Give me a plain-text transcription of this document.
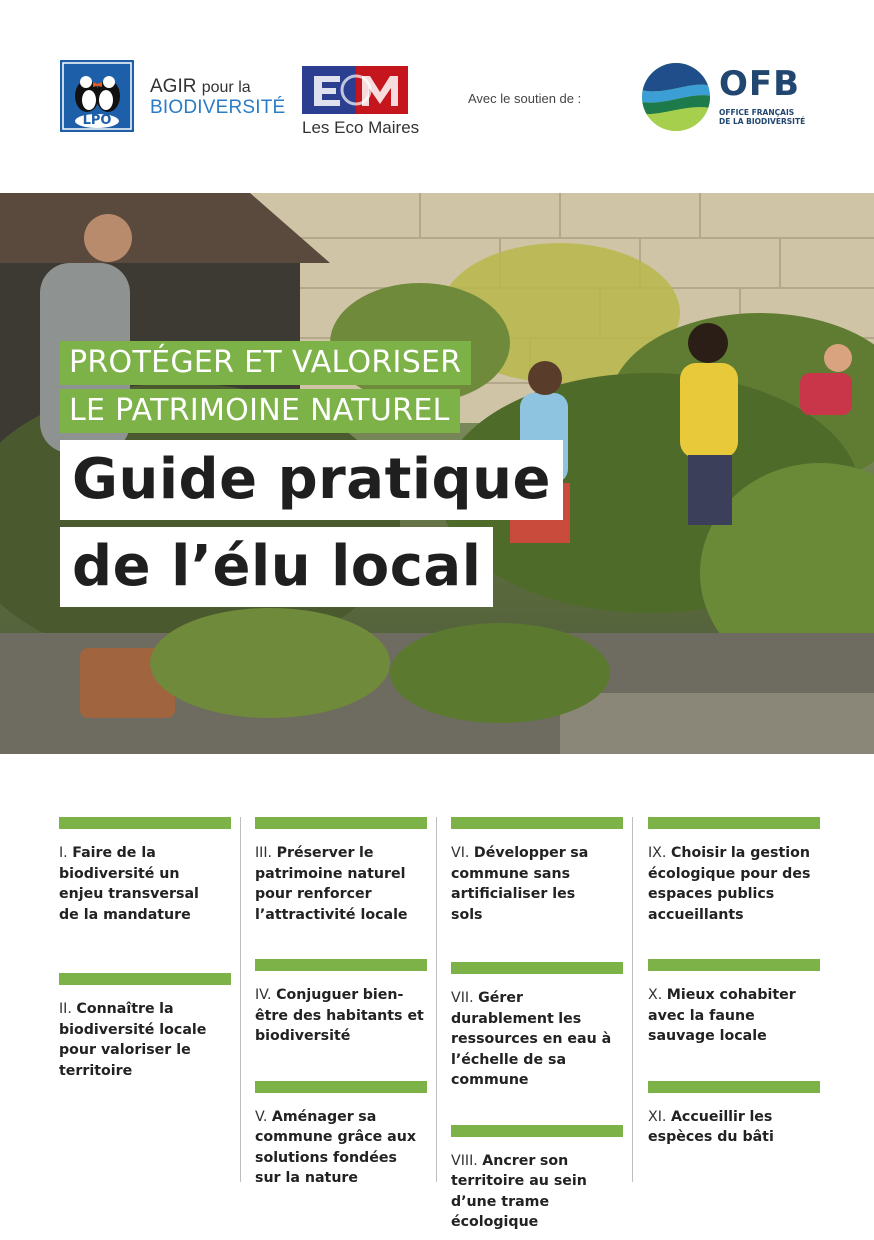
LPO
AGIR pour la
BIODIVERSITÉ
Les Eco Maires
Avec le soutien de :	OFB
OFFICE FRANÇAIS
DE LA BIODIVERSITÉ
PROTÉGER ET VALORISER
LE PATRIMOINE NATUREL
Guide pratique
de l’élu local
I. Faire de la biodiversité un enjeu transversal de la mandature
II. Connaître la biodiversité locale pour valoriser le territoire
III. Préserver le patrimoine naturel pour renforcer l’attractivité locale
IV. Conjuguer bien-être des habitants et biodiversité
V. Aménager sa commune grâce aux solutions fondées sur la nature
VI. Développer sa commune sans artificialiser les sols
VII. Gérer durablement les ressources en eau à l’échelle de sa commune
VIII. Ancrer son territoire au sein d’une trame écologique
IX. Choisir la gestion écologique pour des espaces publics accueillants
X. Mieux cohabiter avec la faune sauvage locale
XI. Accueillir les espèces du bâti
